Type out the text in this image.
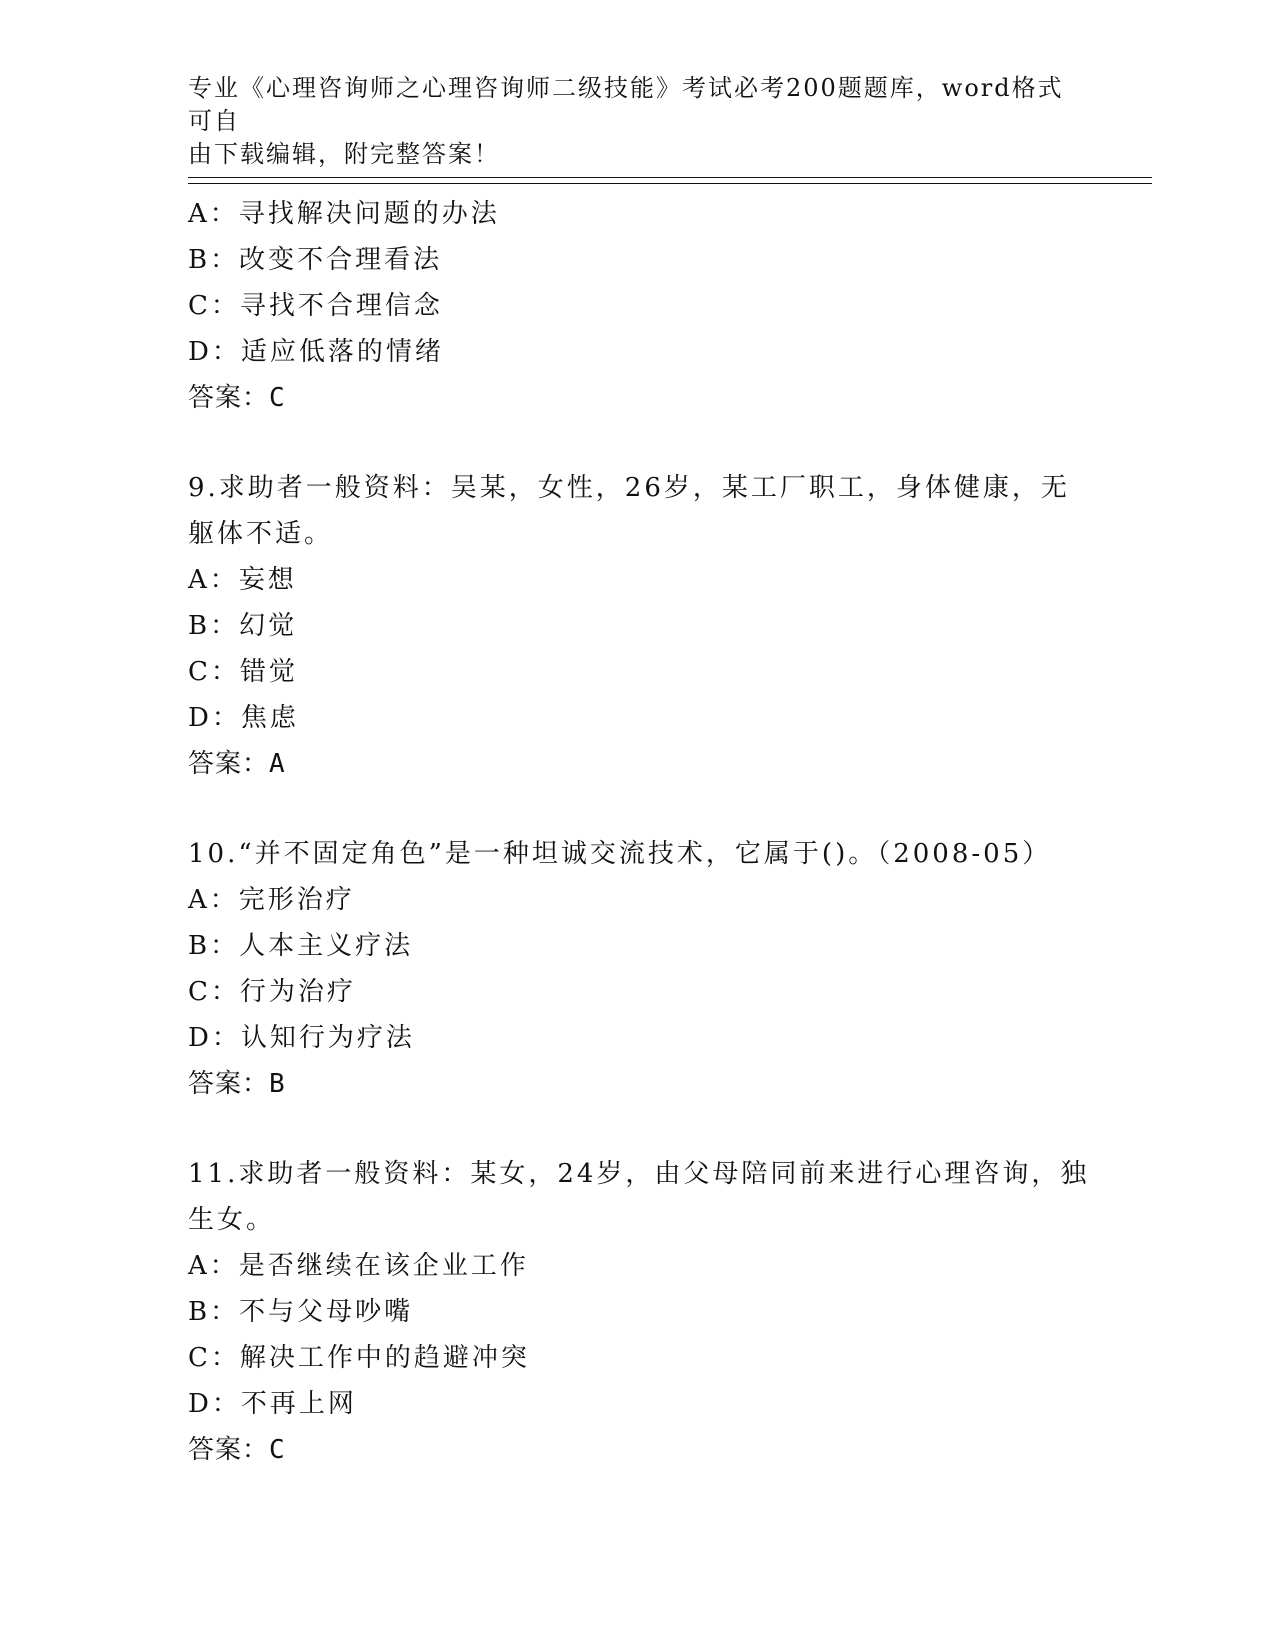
专业《心理咨询师之心理咨询师二级技能》考试必考200题题库，word格式可自
由下载编辑，附完整答案！
A：寻找解决问题的办法
B：改变不合理看法
C：寻找不合理信念
D：适应低落的情绪
答案：C
9.求助者一般资料：吴某，女性，26岁，某工厂职工，身体健康，无
躯体不适。
A：妄想
B：幻觉
C：错觉
D：焦虑
答案：A
10.“并不固定角色”是一种坦诚交流技术，它属于()。（2008-05）
A：完形治疗
B：人本主义疗法
C：行为治疗
D：认知行为疗法
答案：B
11.求助者一般资料：某女，24岁，由父母陪同前来进行心理咨询，独
生女。
A：是否继续在该企业工作
B：不与父母吵嘴
C：解决工作中的趋避冲突
D：不再上网
答案：C
